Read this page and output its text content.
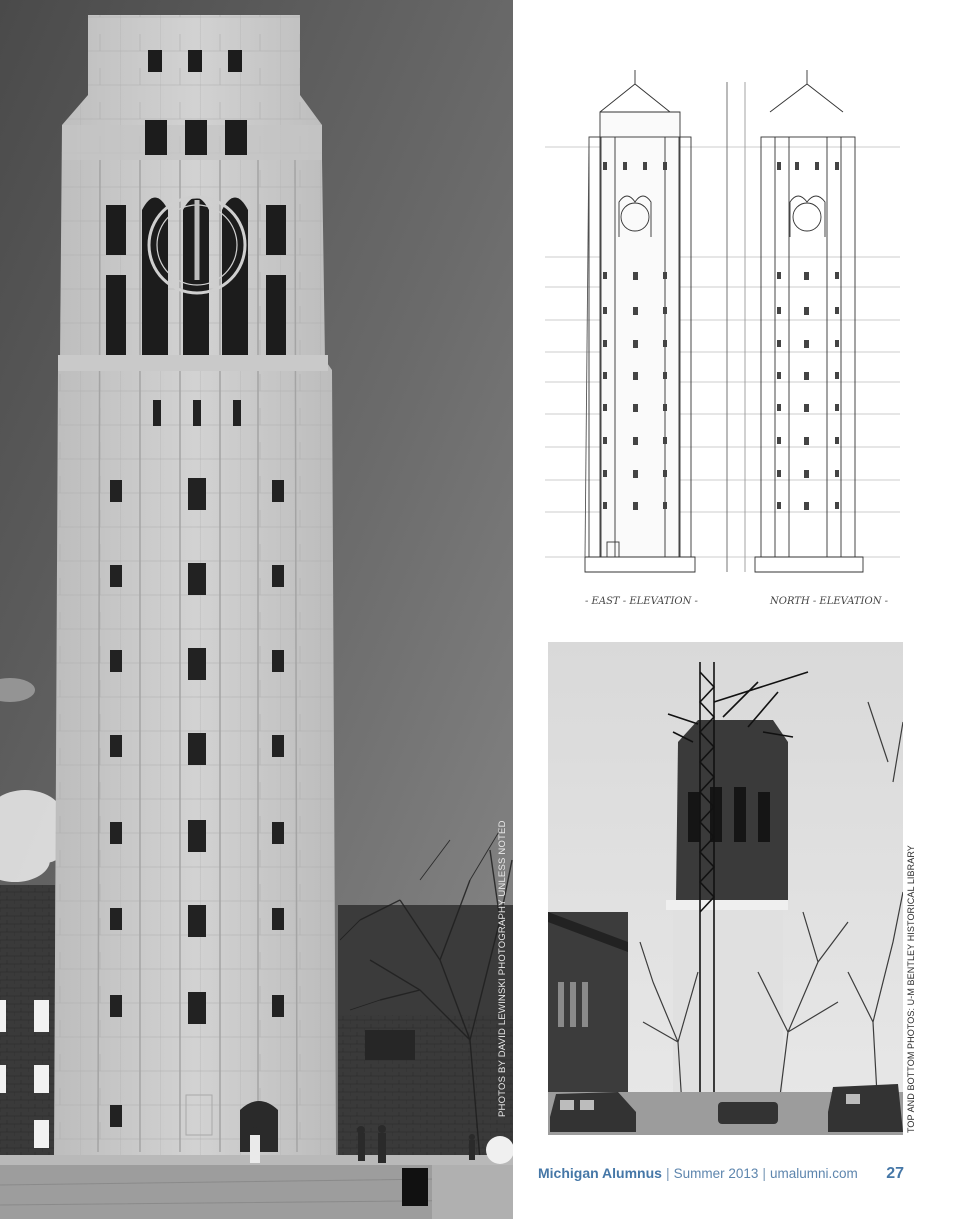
PHOTOS BY DAVID LEWINSKI PHOTOGRAPHY UNLESS NOTED
- EAST - ELEVATION -	NORTH - ELEVATION -
TOP AND BOTTOM PHOTOS: U-M BENTLEY HISTORICAL LIBRARY
Michigan Alumnus | Summer 2013 | umalumni.com 27
